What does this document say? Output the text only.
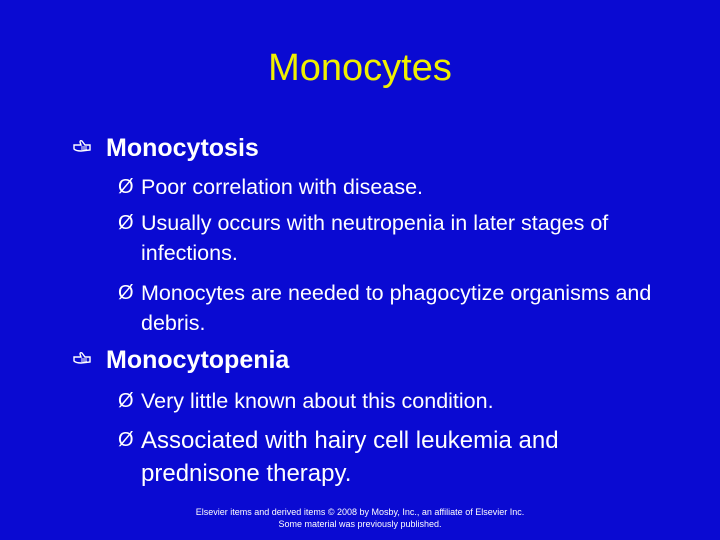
Monocytes
Monocytosis
Ø Poor correlation with disease.
Ø Usually occurs with neutropenia in later stages of infections.
Ø Monocytes are needed to phagocytize organisms and debris.
Monocytopenia
Ø Very little known about this condition.
Ø Associated with hairy cell leukemia and prednisone therapy.
Elsevier items and derived items © 2008 by Mosby, Inc., an affiliate of Elsevier Inc.
Some material was previously published.
